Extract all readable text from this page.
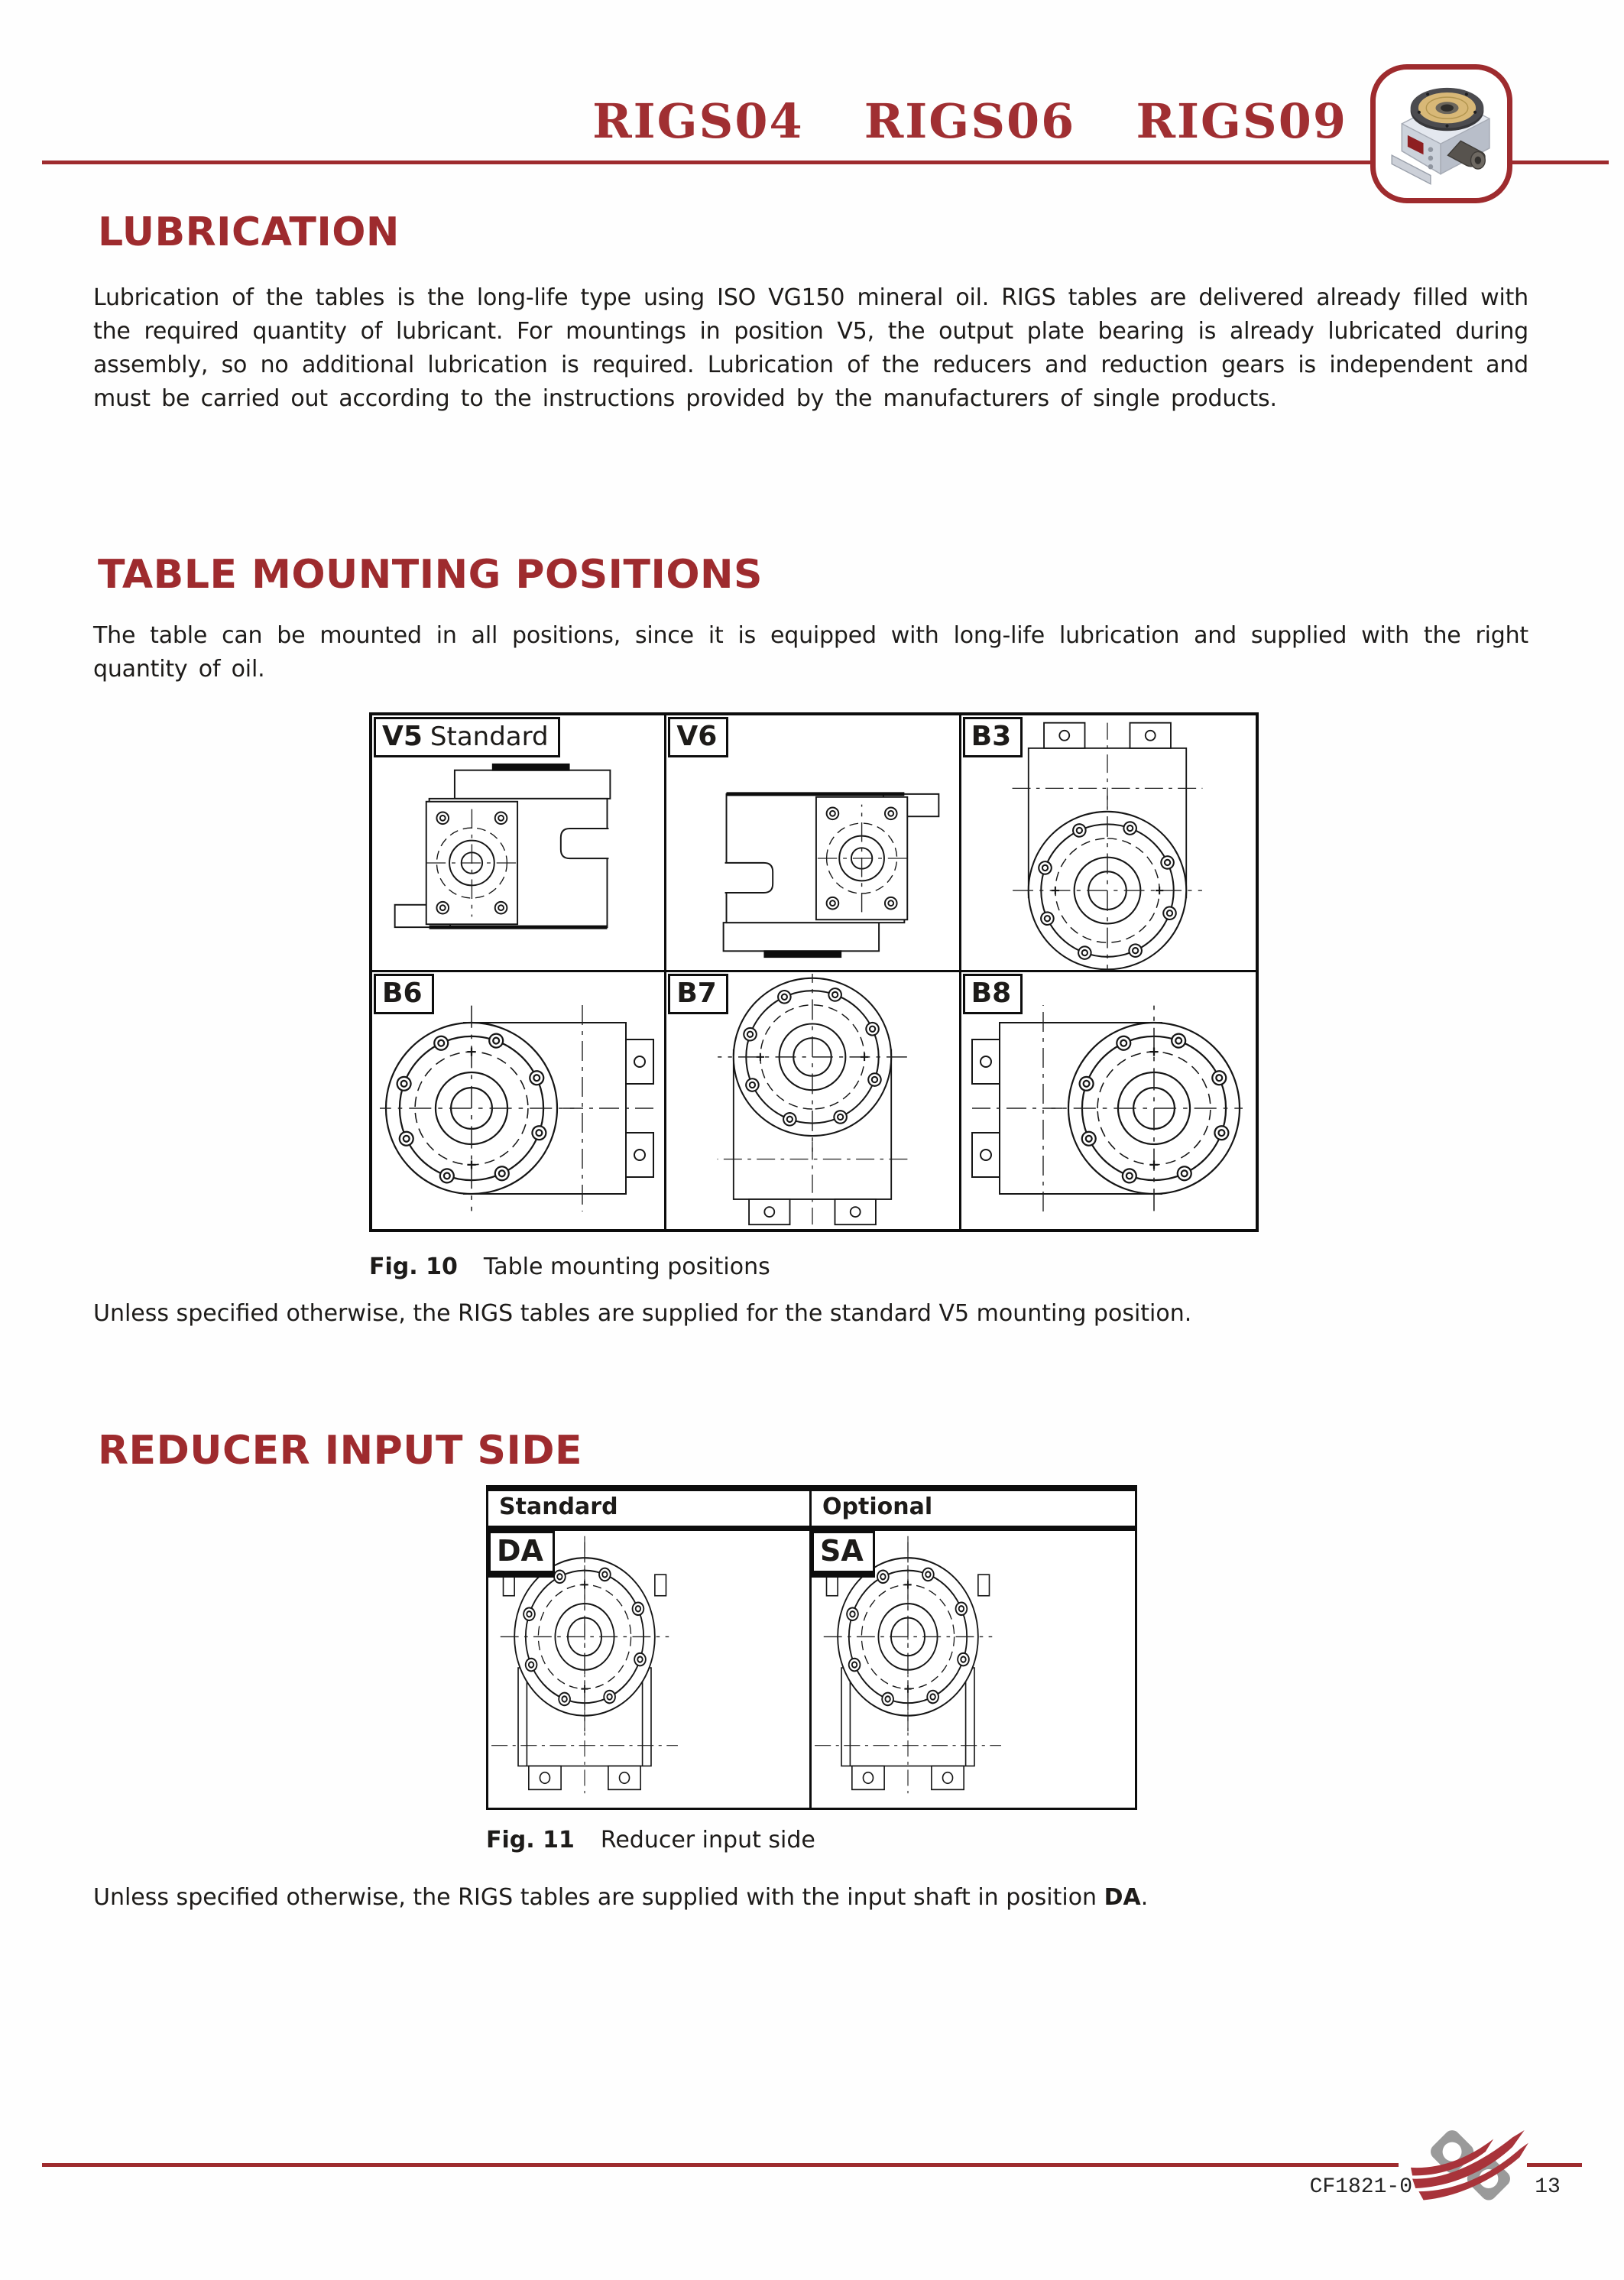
RIGS04  RIGS06  RIGS09
LUBRICATION

Lubrication of the tables is the long-life type using ISO VG150 mineral oil. RIGS tables are delivered already filled with the required quantity of lubricant. For mountings in position V5, the output plate bearing is already lubricated during assembly, so no additional lubrication is required. Lubrication of the reducers and reduction gears is independent and must be carried out according to the instructions provided by the manufacturers of single products.

TABLE MOUNTING POSITIONS

The table can be mounted in all positions, since it is equipped with long-life lubrication and supplied with the right quantity of oil.

V5 Standard	V6	B3
B6	B7	B8
Fig. 10 Table mounting positions

Unless specified otherwise, the RIGS tables are supplied for the standard V5 mounting position.

REDUCER INPUT SIDE
Standard	Optional
DA	SA
Fig. 11 Reducer input side

Unless specified otherwise, the RIGS tables are supplied with the input shaft in position DA.

CF1821-0	13
